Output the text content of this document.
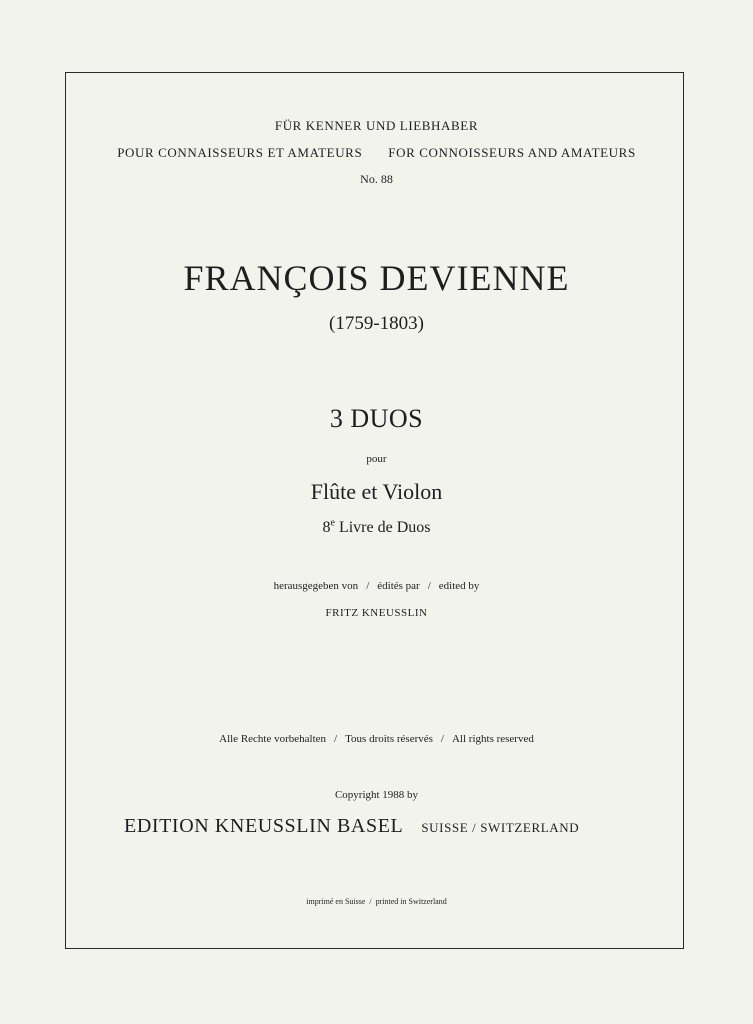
FÜR KENNER UND LIEBHABER
POUR CONNAISSEURS ET AMATEURS FOR CONNOISSEURS AND AMATEURS
No. 88
FRANÇOIS DEVIENNE
(1759-1803)
3 DUOS
pour
Flûte et Violon
8e Livre de Duos
herausgegeben von / édités par / edited by
FRITZ KNEUSSLIN
Alle Rechte vorbehalten / Tous droits réservés / All rights reserved
Copyright 1988 by
EDITION KNEUSSLIN BASEL SUISSE / SWITZERLAND
imprimé en Suisse / printed in Switzerland
